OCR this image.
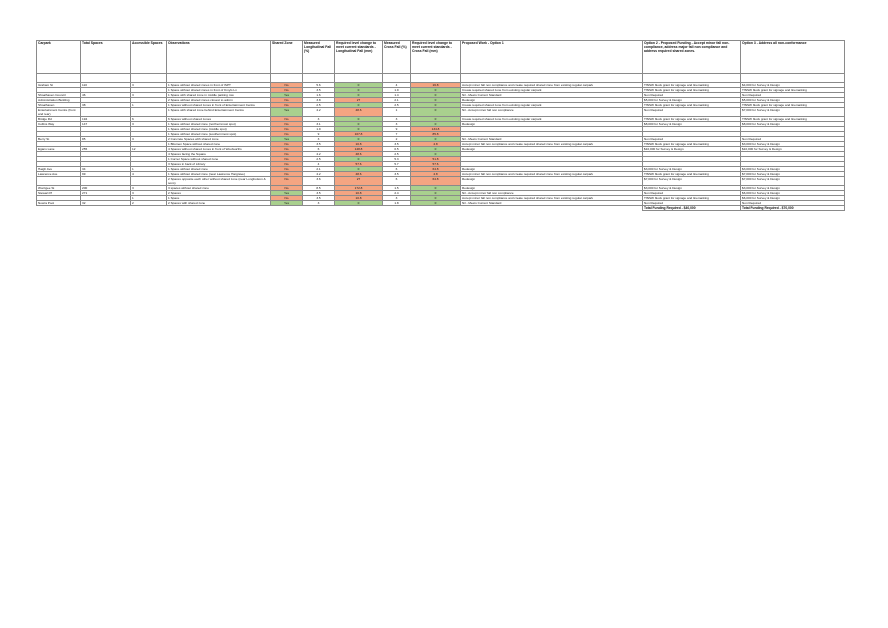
Carpark	Total Spaces	Accessible Spaces	Observations	Shared Zone	Measured Longitudinal Fall (%)	Required level change to meet current standards - Longitudinal Fall (mm)	Measured Cross Fall (%)	Required level change to meet current standards - Cross Fall (mm)	Proposed Work - Option 1	Option 2 - Proposed Funding - Accept minor fall non-compliance, address major fall non compliance and address required shared zones.	Option 3 - Address all non-conformance

Graham St	110	3	1 Space without shared zones in front of ISPT	No	5.6	0	4	16.8	Accept minor fall non compliance and create required shared zone from existing regular carpark	TfNSW block grant for signage and linemarking	$4,000 for Survey & Design
			1 Space without shared zones in front of Kmyls Ln	No	3.5	0	1.9	0	Create required shared zone from existing regular carpark	TfNSW block grant for signage and linemarking	TfNSW block grant for signage and linemarking
Shoalhaven Council	46	3	1 Space with shared zone in middle parking row	Yes	1.6	0	1.4	0	Nil - Meets Current Standard	Non Required	Non Required
Administration Building			2 Space without shared zones closest to admin	No	3.8	27	2.1	0	Redesign	$5,000 for Survey & Design	$5,000 for Survey & Design
Shoalhaven	38	1	1 Spaces without shared zones in front of Entertainment Centre	No	2.5	0	2.5	0	Create required shared zone from existing regular carpark	TfNSW block grant for signage and linemarking	TfNSW block grant for signage and linemarking
Entertainment Centre (front and rear)			1 Space with shared zone behind Entertainment Centre	Yes	4.2	48.6	1	0	Nil - Accept minor fall non compliance	Non Required	$7,000 for Survey & Design
Bridge Rd	194	6	6 Spaces without shared zones	No	3	0	3	0	Create required shared zone from existing regular carpark	TfNSW block grant for signage and linemarking	TfNSW block grant for signage and linemarking
Collins Way	147	3	1 Space without shared zone (northernmost spot)	No	3.1	0	3	0	Redesign	$8,000 for Survey & Design	$8,000 for Survey & Design
			1 Space without shared zone (middle spot)	No	1.9	0	9	134.8			
			1 Space without shared zone (southernmost spot)	No	9	107.8	7	85.8			
Berry St	85	3	2 Concrete Spaces with shared zone	Yes	3	0	2	0	Nil - Meets Current Standard	Non Required	Non Required
			1 Bitumen Space without shared zone	No	3.5	10.8	3.5	4.8	Accept minor fall non compliance and create required shared zone from existing regular carpark	TfNSW block grant for signage and linemarking	$3,000 for Survey & Design
Egans Lane	255	12	4 Spaces without shared zones in front of Woolworths	No	6	148.8	0.5	0	Redesign	$10,000 for Survey & Design	$10,000 for Survey & Design
			4 Spaces facing the Square	No	4.2	48.6	2.5	0			
			1 Corner Space without shared zone	No	2.5	0	5.3	51.8			
			3 Spaces in back of Library	No	4	57.6	5.7	57.6			
Haigh Ave	34	1	1 Space without shared zone	No	2.1	0	6	64.8	Redesign	$3,000 for Survey & Design	$3,000 for Survey & Design
Lawrence Ave	99	4	1 Space without shared zone (near Lawrence Hargrave)	No	4.2	48.6	3.5	4.8	Accept minor fall non compliance and create required shared zone from existing regular carpark	TfNSW block grant for signage and linemarking	$7,000 for Survey & Design
			2 Spaces opposite each other without shared zone (near Longbottom & sons)	No	3.6	27	6	64.8	Redesign	$7,000 for Survey & Design	$7,000 for Survey & Design
Worrigee St	200	3	3 spaces without shared zone	No	8.5	172.8	1.5	0	Redesign	$3,000 for Survey & Design	$3,000 for Survey & Design
Stewart Pl	271	3	2 Spaces	Yes	3.5	10.8	2.4	0	Nil - Accept minor fall non compliance	Non Required	$6,000 for Survey & Design
		1	1 Space	No	3.5	10.8	3	0	Accept minor fall non compliance and create required shared zone from existing regular carpark	TfNSW block grant for signage and linemarking	$6,000 for Survey & Design
Nowra Pool	32	2	2 Spaces with shared zone	Yes	3	0	1.8	0	Nil - Meets Current Standard	Non Required	Non Required
										Total Funding Required - $40,000	Total Funding Required - $70,000
